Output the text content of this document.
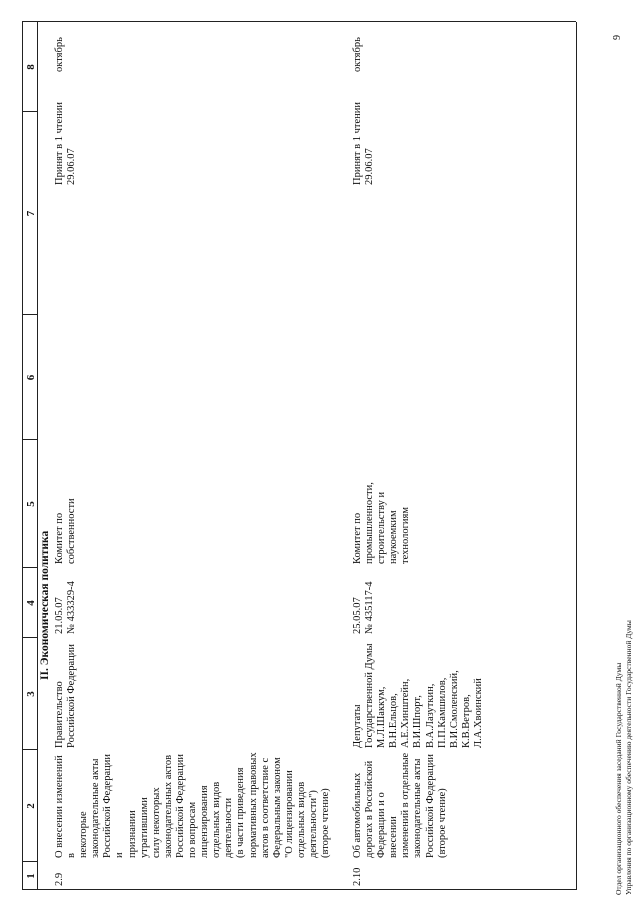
1
2
3
4
5
6
7
8
II. Экономическая политика
2.9
О внесении изменений в
некоторые
законодательные акты
Российской Федерации и
признании утратившими
силу некоторых
законодательных актов
Российской Федерации
по вопросам
лицензирования
отдельных видов
деятельности
(в части приведения
нормативных правовых
актов в соответствие с
Федеральным законом
"О лицензировании
отдельных видов
деятельности")
(второе чтение)
Правительство
Российской Федерации
21.05.07
№ 433329-4
Комитет по
собственности
Принят в 1 чтении
29.06.07
октябрь
2.10
Об автомобильных
дорогах в Российской
Федерации и о внесении
изменений в отдельные
законодательные акты
Российской Федерации
(второе чтение)
Депутаты
Государственной Думы
М.Л.Шаккум,
В.Н.Ельцов,
А.Е.Хинштейн,
В.И.Шпорт,
В.А.Лазуткин,
П.П.Камшилов,
В.И.Смоленский,
К.В.Ветров,
Л.А.Хвоинский
25.05.07
№ 435117-4
Комитет по
промышленности,
строительству и
наукоемким
технологиям
Принят в 1 чтении
29.06.07
октябрь
Отдел организационного обеспечения заседаний Государственной Думы Управления по организационному обеспечению деятельности Государственной Думы
9
